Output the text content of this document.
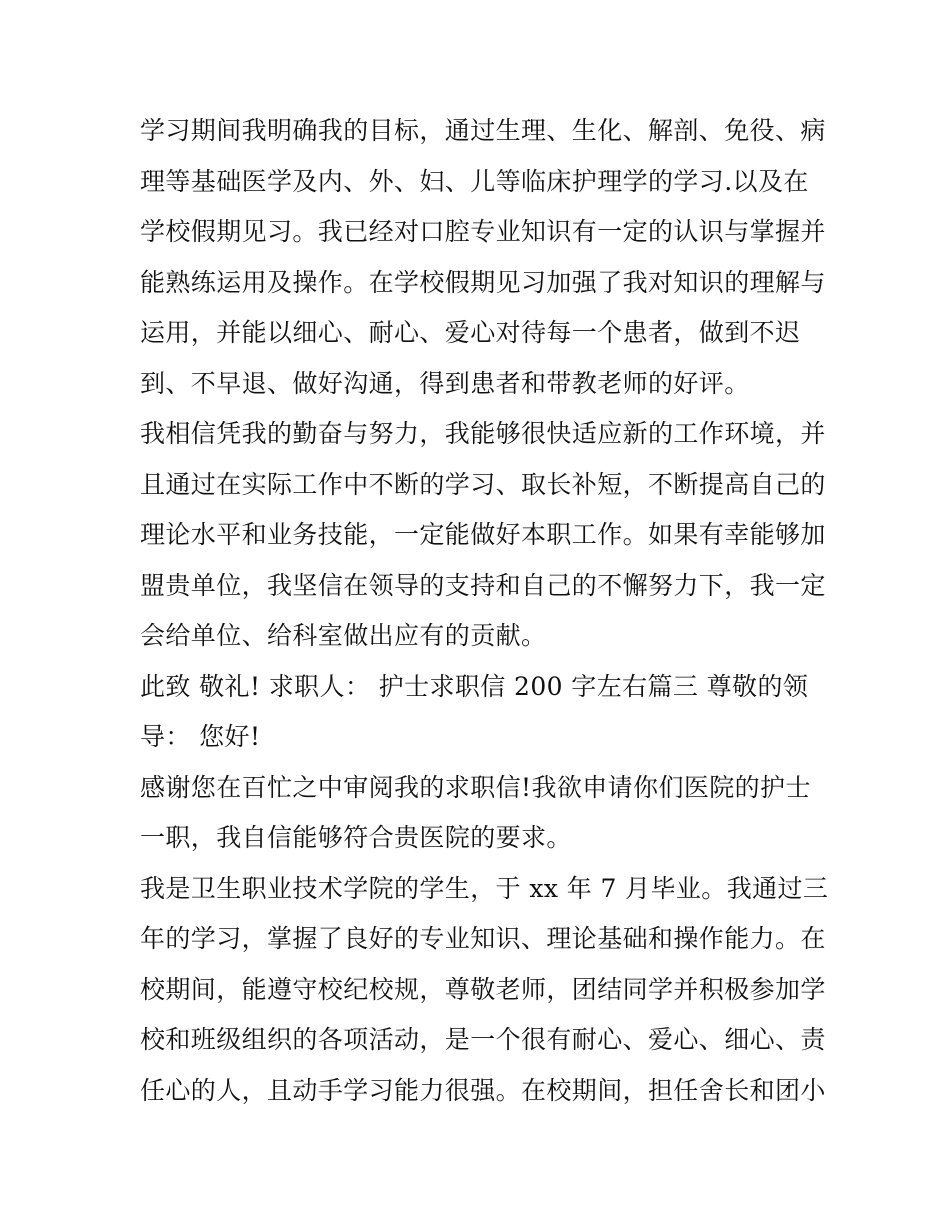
学习期间我明确我的目标，通过生理、生化、解剖、免役、病
理等基础医学及内、外、妇、儿等临床护理学的学习.以及在
学校假期见习。我已经对口腔专业知识有一定的认识与掌握并
能熟练运用及操作。在学校假期见习加强了我对知识的理解与
运用，并能以细心、耐心、爱心对待每一个患者，做到不迟
到、不早退、做好沟通，得到患者和带教老师的好评。
我相信凭我的勤奋与努力，我能够很快适应新的工作环境，并
且通过在实际工作中不断的学习、取长补短，不断提高自己的
理论水平和业务技能，一定能做好本职工作。如果有幸能够加
盟贵单位，我坚信在领导的支持和自己的不懈努力下，我一定
会给单位、给科室做出应有的贡献。
此致 敬礼! 求职人： 护士求职信 200 字左右篇三 尊敬的领
导： 您好!
感谢您在百忙之中审阅我的求职信!我欲申请你们医院的护士
一职，我自信能够符合贵医院的要求。
我是卫生职业技术学院的学生，于 xx 年 7 月毕业。我通过三
年的学习，掌握了良好的专业知识、理论基础和操作能力。在
校期间，能遵守校纪校规，尊敬老师，团结同学并积极参加学
校和班级组织的各项活动，是一个很有耐心、爱心、细心、责
任心的人，且动手学习能力很强。在校期间，担任舍长和团小
